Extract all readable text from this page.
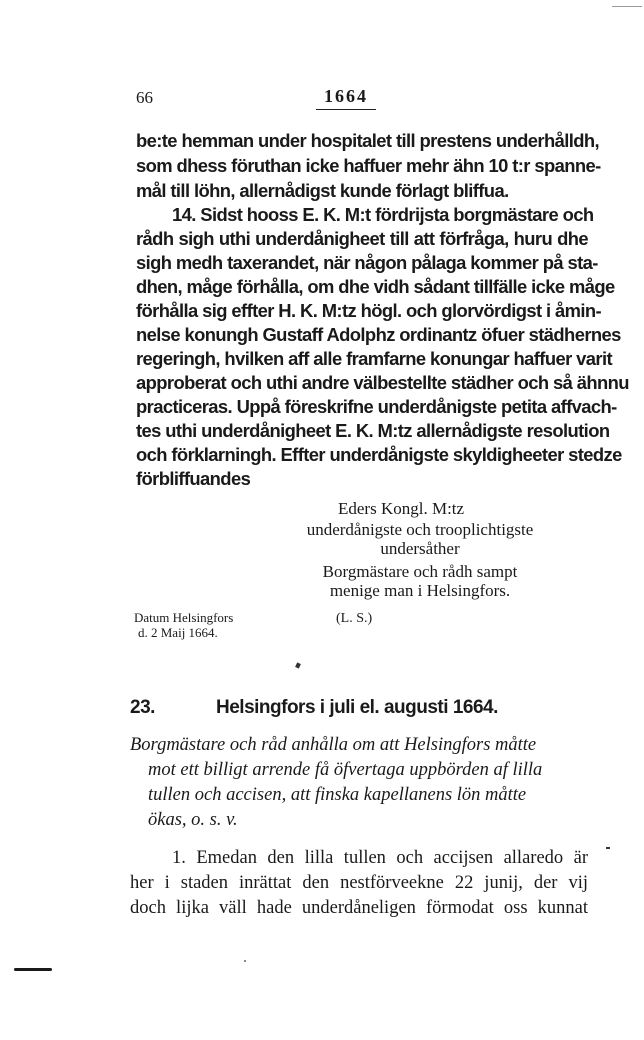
66	1664
be:te hemman under hospitalet till prestens underhålldh,
som dhess föruthan icke haffuer mehr ähn 10 t:r spanne-
mål till löhn, allernådigst kunde förlagt bliffua.
14. Sidst hooss E. K. M:t fördrijsta borgmästare och
rådh sigh uthi underdånigheet till att förfråga, huru dhe
sigh medh taxerandet, när någon pålaga kommer på sta-
dhen, måge förhålla, om dhe vidh sådant tillfälle icke måge
förhålla sig effter H. K. M:tz högl. och glorvördigst i åmin-
nelse konungh Gustaff Adolphz ordinantz öfuer städhernes
regeringh, hvilken aff alle framfarne konungar haffuer varit
approberat och uthi andre välbestellte städher och så ähnnu
practiceras. Uppå föreskrifne underdånigste petita affvach-
tes uthi underdånigheet E. K. M:tz allernådigste resolution
och förklarningh. Effter underdånigste skyldigheeter stedze
förbliffuandes
Eders Kongl. M:tz
underdånigste och trooplichtigste
undersåther
Borgmästare och rådh sampt
menige man i Helsingfors.
Datum Helsingfors
d. 2 Maij 1664.
(L. S.)
23.	Helsingfors i juli el. augusti 1664.
Borgmästare och råd anhålla om att Helsingfors måtte
mot ett billigt arrende få öfvertaga uppbörden af lilla
tullen och accisen, att finska kapellanens lön måtte
ökas, o. s. v.
1. Emedan den lilla tullen och accijsen allaredo är
her i staden inrättat den nestförveekne 22 junij, der vij
doch lijka väll hade underdåneligen förmodat oss kunnat
